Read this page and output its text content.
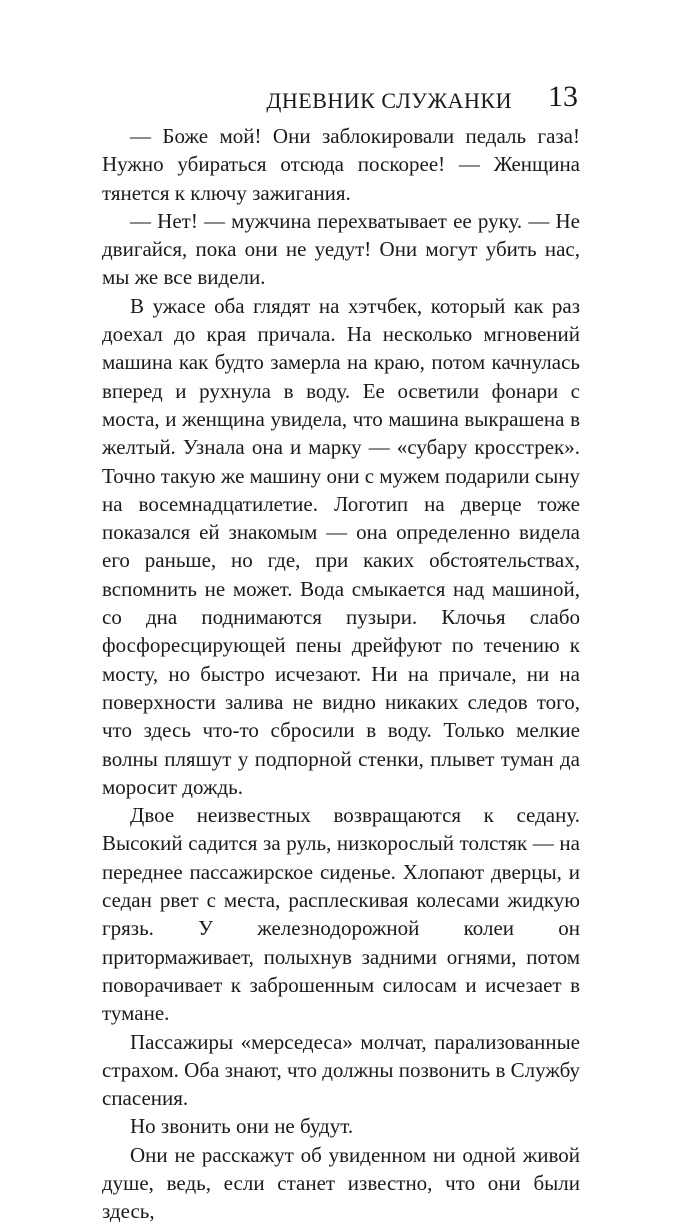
ДНЕВНИК СЛУЖАНКИ 13

— Боже мой! Они заблокировали педаль газа! Нужно убираться отсюда поскорее! — Женщина тянется к ключу зажигания.

— Нет! — мужчина перехватывает ее руку. — Не двигайся, пока они не уедут! Они могут убить нас, мы же все видели.

В ужасе оба глядят на хэтчбек, который как раз доехал до края причала. На несколько мгновений машина как будто замерла на краю, потом качнулась вперед и рухнула в воду. Ее осветили фонари с моста, и женщина увидела, что машина выкрашена в желтый. Узнала она и марку — «субару кросстрек». Точно такую же машину они с мужем подарили сыну на восемнадцатилетие. Логотип на дверце тоже показался ей знакомым — она определенно видела его раньше, но где, при каких обстоятельствах, вспомнить не может. Вода смыкается над машиной, со дна поднимаются пузыри. Клочья слабо фосфоресцирующей пены дрейфуют по течению к мосту, но быстро исчезают. Ни на причале, ни на поверхности залива не видно никаких следов того, что здесь что-то сбросили в воду. Только мелкие волны пляшут у подпорной стенки, плывет туман да моросит дождь.

Двое неизвестных возвращаются к седану. Высокий садится за руль, низкорослый толстяк — на переднее пассажирское сиденье. Хлопают дверцы, и седан рвет с места, расплескивая колесами жидкую грязь. У железнодорожной колеи он притормаживает, полыхнув задними огнями, потом поворачивает к заброшенным силосам и исчезает в тумане.

Пассажиры «мерседеса» молчат, парализованные страхом. Оба знают, что должны позвонить в Службу спасения.

Но звонить они не будут.

Они не расскажут об увиденном ни одной живой душе, ведь, если станет известно, что они были здесь,
